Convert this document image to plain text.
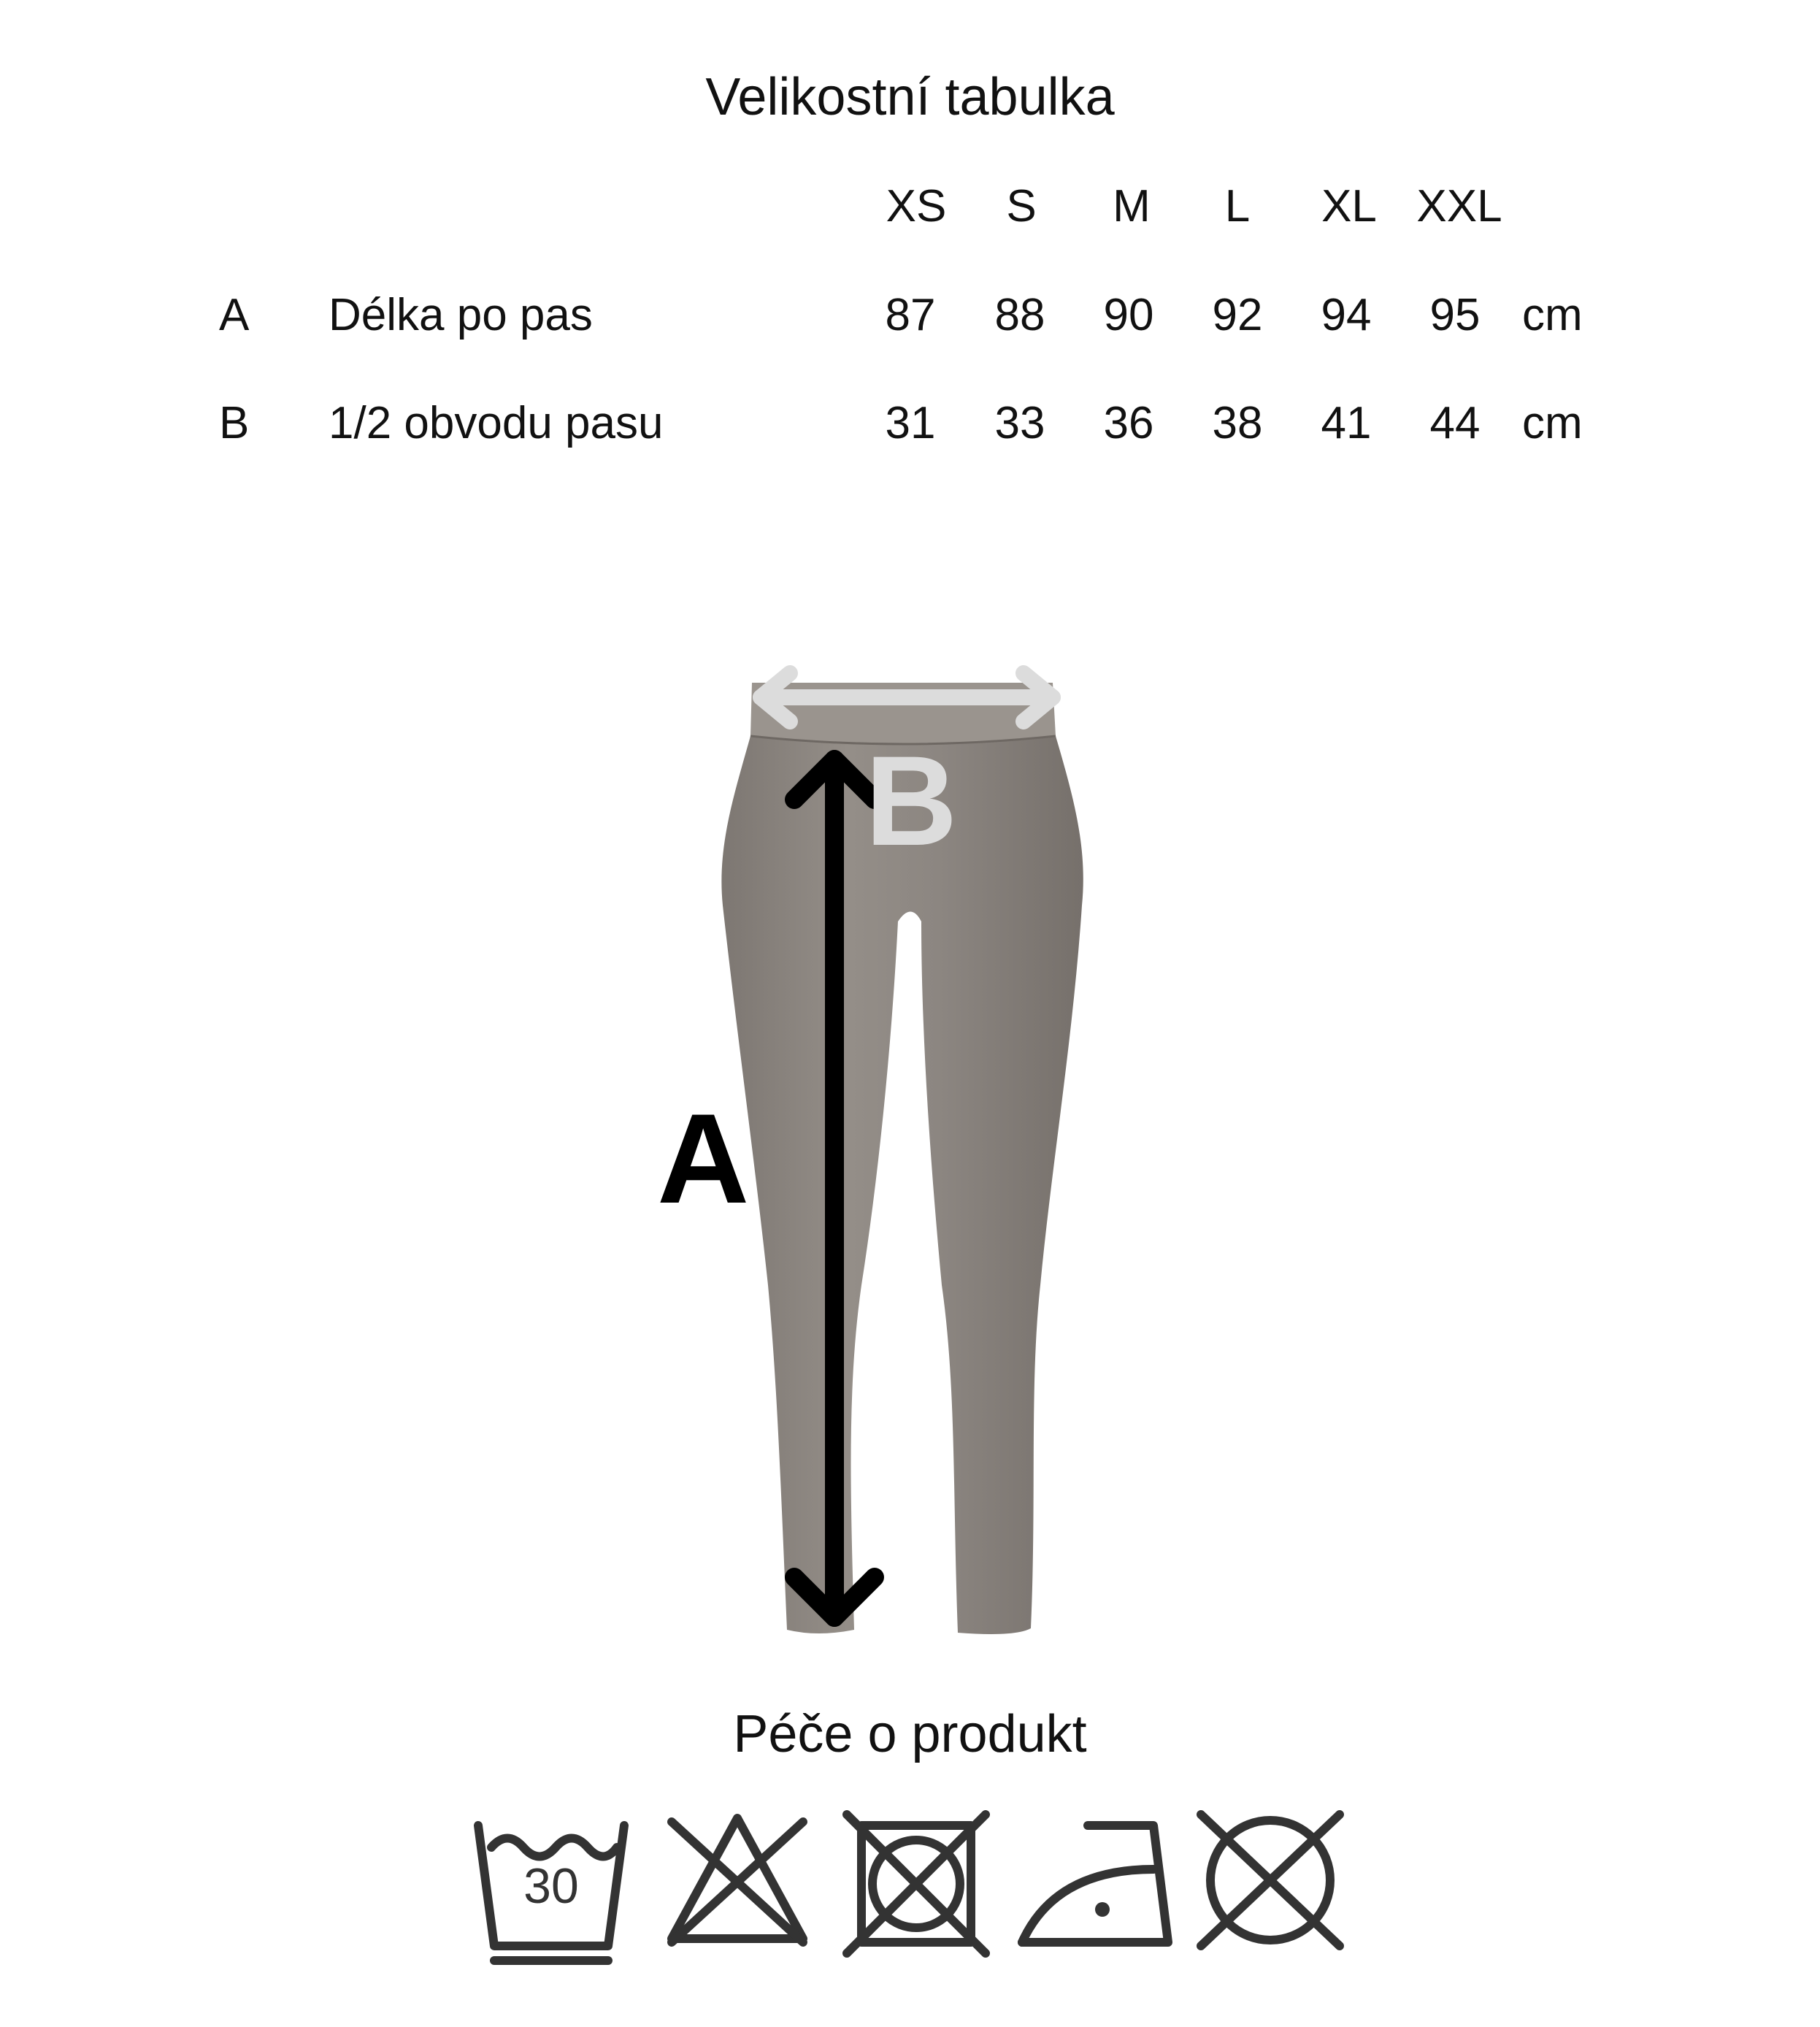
Velikostní tabulka
XS	S	M	L	XL XXL
A Délka po pas	87	88	90	92	94	95 cm
B 1/2 obvodu pasu	31	33	36	38	41	44 cm
B
A
Péče o produkt
30
